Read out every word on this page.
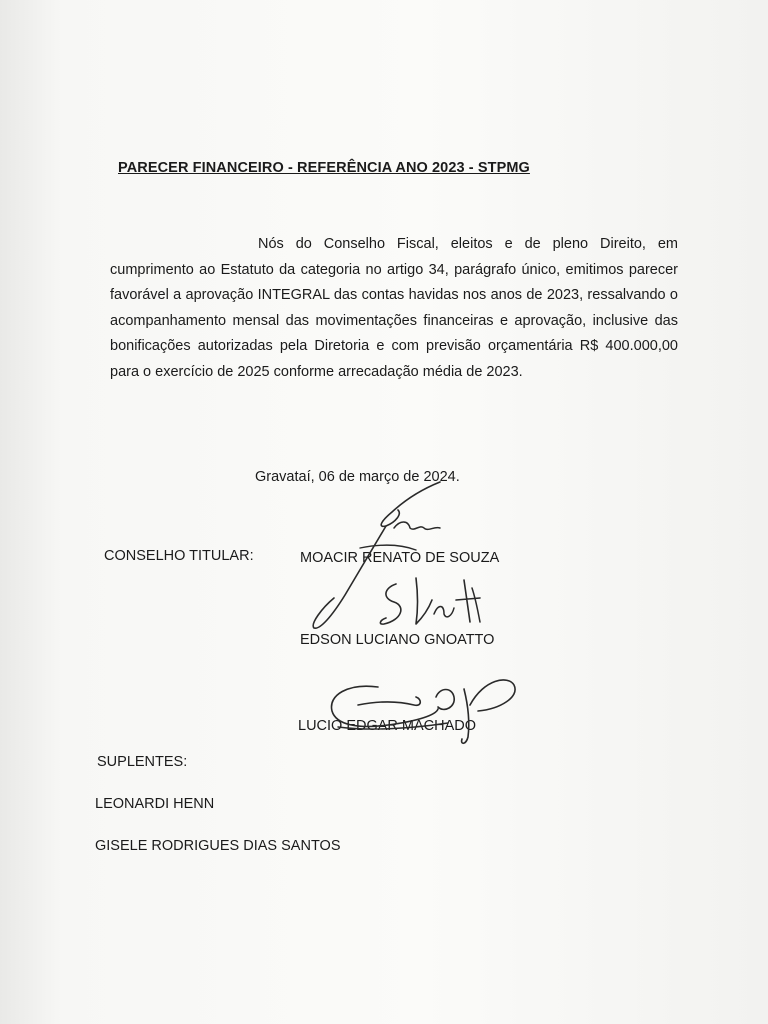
PARECER FINANCEIRO - REFERÊNCIA ANO 2023 - STPMG
Nós do Conselho Fiscal, eleitos e de pleno Direito, em cumprimento ao Estatuto da categoria no artigo 34, parágrafo único, emitimos parecer favorável a aprovação INTEGRAL das contas havidas nos anos de 2023, ressalvando o acompanhamento mensal das movimentações financeiras e aprovação, inclusive das bonificações autorizadas pela Diretoria e com previsão orçamentária R$ 400.000,00 para o exercício de 2025 conforme arrecadação média de 2023.
Gravataí, 06 de março de 2024.
CONSELHO TITULAR:	MOACIR RENATO DE SOUZA
EDSON LUCIANO GNOATTO
LUCIO EDGAR MACHADO
SUPLENTES:
LEONARDI HENN
GISELE RODRIGUES DIAS SANTOS
